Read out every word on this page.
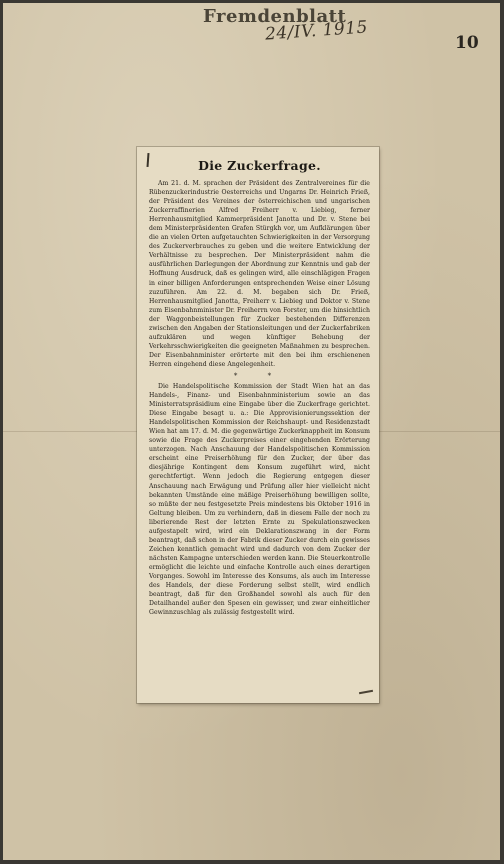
Fremdenblatt
24/IV. 1915	10
Die Zuckerfrage.

Am 21. d. M. sprachen der Präsident des Zentralvereines für die Rübenzuckerindustrie Oesterreichs und Ungarns Dr. Heinrich Frieß, der Präsident des Vereines der österreichischen und ungarischen Zuckerraffinerien Alfred Freiherr v. Liebieg, ferner Herrenhausmitglied Kammerpräsident Janotta und Dr. v. Stene bei dem Ministerpräsidenten Grafen Stürgkh vor, um Aufklärungen über die an vielen Orten aufgetauchten Schwierigkeiten in der Versorgung des Zuckerverbrauches zu geben und die weitere Entwicklung der Verhältnisse zu besprechen. Der Ministerpräsident nahm die ausführlichen Darlegungen der Abordnung zur Kenntnis und gab der Hoffnung Ausdruck, daß es gelingen wird, alle einschlägigen Fragen in einer billigen Anforderungen entsprechenden Weise einer Lösung zuzuführen. Am 22. d. M. begaben sich Dr. Frieß, Herrenhausmitglied Janotta, Freiherr v. Liebieg und Doktor v. Stene zum Eisenbahnminister Dr. Freiherrn von Forster, um die hinsichtlich der Waggonbeistellungen für Zucker bestehenden Differenzen zwischen den Angaben der Stationsleitungen und der Zuckerfabriken aufzuklären und wegen künftiger Behebung der Verkehrsschwierigkeiten die geeigneten Maßnahmen zu besprechen. Der Eisenbahnminister erörterte mit den bei ihm erschienenen Herren eingehend diese Angelegenheit.

* *

Die Handelspolitische Kommission der Stadt Wien hat an das Handels-, Finanz- und Eisenbahnministerium sowie an das Ministerratspräsidium eine Eingabe über die Zuckerfrage gerichtet. Diese Eingabe besagt u. a.: Die Approvisionierungssektion der Handelspolitischen Kommission der Reichshaupt- und Residenzstadt Wien hat am 17. d. M. die gegenwärtige Zuckerknappheit im Konsum sowie die Frage des Zuckerpreises einer eingehenden Erörterung unterzogen. Nach Anschauung der Handelspolitischen Kommission erscheint eine Preiserhöhung für den Zucker, der über das diesjährige Kontingent dem Konsum zugeführt wird, nicht gerechtfertigt. Wenn jedoch die Regierung entgegen dieser Anschauung nach Erwägung und Prüfung aller hier vielleicht nicht bekannten Umstände eine mäßige Preiserhöhung bewilligen sollte, so müßte der neu festgesetzte Preis mindestens bis Oktober 1916 in Geltung bleiben. Um zu verhindern, daß in diesem Falle der noch zu liberierende Rest der letzten Ernte zu Spekulationszwecken aufgestapelt wird, wird ein Deklarationszwang in der Form beantragt, daß schon in der Fabrik dieser Zucker durch ein gewisses Zeichen kenntlich gemacht wird und dadurch von dem Zucker der nächsten Kampagne unterschieden werden kann. Die Steuerkontrolle ermöglicht die leichte und einfache Kontrolle auch eines derartigen Vorganges. Sowohl im Interesse des Konsums, als auch im Interesse des Handels, der diese Forderung selbst stellt, wird endlich beantragt, daß für den Großhandel sowohl als auch für den Detailhandel außer den Spesen ein gewisser, und zwar einheitlicher Gewinnzuschlag als zulässig festgestellt wird.
